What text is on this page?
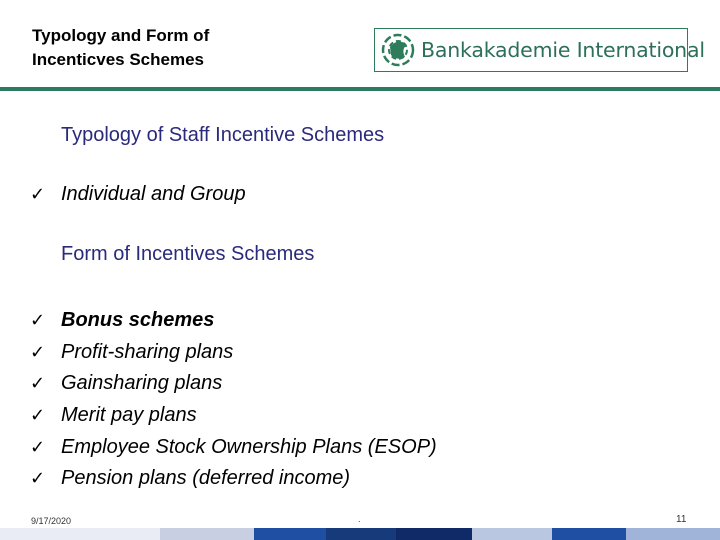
Typology and Form of
Incenticves Schemes	Bankakademie International
Typology of Staff Incentive Schemes
✓ Individual and Group
Form of Incentives Schemes
✓ Bonus schemes
✓ Profit-sharing plans
✓ Gainsharing plans
✓ Merit pay plans
✓ Employee Stock Ownership Plans (ESOP)
✓ Pension plans (deferred income)
9/17/2020	.	11
